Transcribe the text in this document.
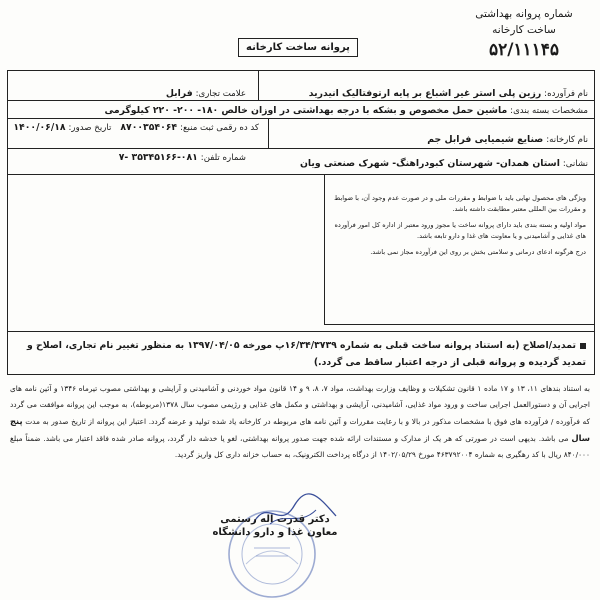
شماره پروانه بهداشتی
ساخت کارخانه
۵۲/۱۱۱۴۵
پروانه ساخت کارخانه
نام فرآورده: رزین پلی استر غیر اشباع بر پایه ارتوفتالیک انیدرید
علامت تجاری: فرابل
مشخصات بسته بندی: ماشین حمل مخصوص و بشکه با درجه بهداشتی در اوزان خالص ۱۸۰- ۲۰۰- ۲۲۰ کیلوگرمی
نام کارخانه: صنایع شیمیایی فرابل جم
کد ده رقمی ثبت منبع: ۸۷۰۰۳۵۴۰۶۴ تاریخ صدور: ۱۴۰۰/۰۶/۱۸
نشانی: استان همدان- شهرستان کبودراهنگ- شهرک صنعتی ویان
شماره تلفن: ۰۸۱-۳۵۳۴۵۱۶۶ -۷

ویژگی های محصول نهایی باید با ضوابط و مقررات ملی و در صورت عدم وجود آن، با ضوابط و مقررات بین المللی معتبر مطابقت داشته باشد.

مواد اولیه و بسته بندی باید دارای پروانه ساخت یا مجوز ورود معتبر از اداره کل امور فرآورده های غذایی و آشامیدنی و یا معاونت های غذا و دارو تابعه باشد.

درج هرگونه ادعای درمانی و سلامتی بخش بر روی این فرآورده مجاز نمی باشد.

تمدید/اصلاح (به استناد پروانه ساخت قبلی به شماره ۱۶/۳۴/۳۷۳۹پ مورخه ۱۳۹۷/۰۴/۰۵ به منظور تغییر نام تجاری، اصلاح و تمدید گردیده و پروانه قبلی از درجه اعتبار ساقط می گردد.)

به استناد بندهای ۱۱، ۱۳ و ۱۷ ماده ۱ قانون تشکیلات و وظایف وزارت بهداشت، مواد ۷، ۸، ۹ و ۱۴ قانون مواد خوردنی و آشامیدنی و آرایشی و بهداشتی مصوب تیرماه ۱۳۴۶ و آئین نامه های اجرایی آن و دستورالعمل اجرایی ساخت و ورود مواد غذایی، آشامیدنی، آرایشی و بهداشتی و مکمل های غذایی و رژیمی مصوب سال ۱۳۷۸(مربوطه)، به موجب این پروانه موافقت می گردد که فرآورده / فرآورده های فوق با مشخصات مذکور در بالا و با رعایت مقررات و آئین نامه های مربوطه در کارخانه یاد شده تولید و عرضه گردد. اعتبار این پروانه از تاریخ صدور به مدت پنج سال می باشد. بدیهی است در صورتی که هر یک از مدارک و مستندات ارائه شده جهت صدور پروانه بهداشتی، لغو یا خدشه دار گردد، پروانه صادر شده فاقد اعتبار می باشد. ضمناً مبلغ ۸۴۰/۰۰۰ ریال با کد رهگیری به شماره ۴۶۳۷۹۲۰۰۴ مورخ ۱۴۰۲/۰۵/۲۹ از درگاه پرداخت الکترونیک، به حساب خزانه داری کل واریز گردید.

دکتر قدرت اله رستمی
معاون غذا و دارو دانشگاه
